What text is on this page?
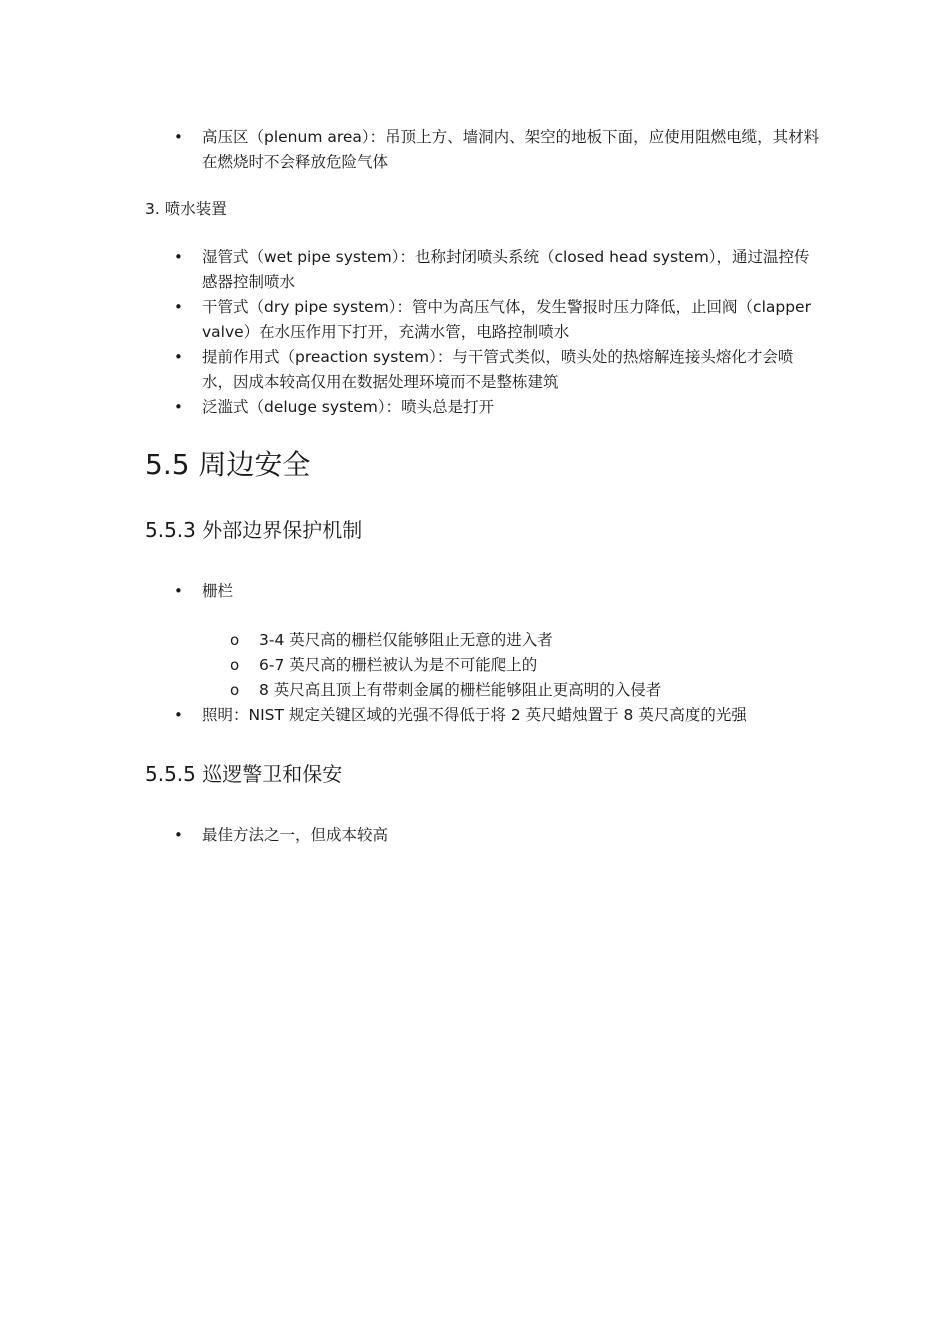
• 高压区（plenum area）：吊顶上方、墙洞内、架空的地板下面，应使用阻燃电缆，其材料在燃烧时不会释放危险气体
3. 喷水装置
• 湿管式（wet pipe system）：也称封闭喷头系统（closed head system），通过温控传感器控制喷水
• 干管式（dry pipe system）：管中为高压气体，发生警报时压力降低，止回阀（clapper valve）在水压作用下打开，充满水管，电路控制喷水
• 提前作用式（preaction system）：与干管式类似，喷头处的热熔解连接头熔化才会喷水，因成本较高仅用在数据处理环境而不是整栋建筑
• 泛滥式（deluge system）：喷头总是打开
5.5 周边安全
5.5.3 外部边界保护机制
• 栅栏
o 3-4 英尺高的栅栏仅能够阻止无意的进入者
o 6-7 英尺高的栅栏被认为是不可能爬上的
o 8 英尺高且顶上有带刺金属的栅栏能够阻止更高明的入侵者
• 照明：NIST 规定关键区域的光强不得低于将 2 英尺蜡烛置于 8 英尺高度的光强
5.5.5 巡逻警卫和保安
• 最佳方法之一，但成本较高
